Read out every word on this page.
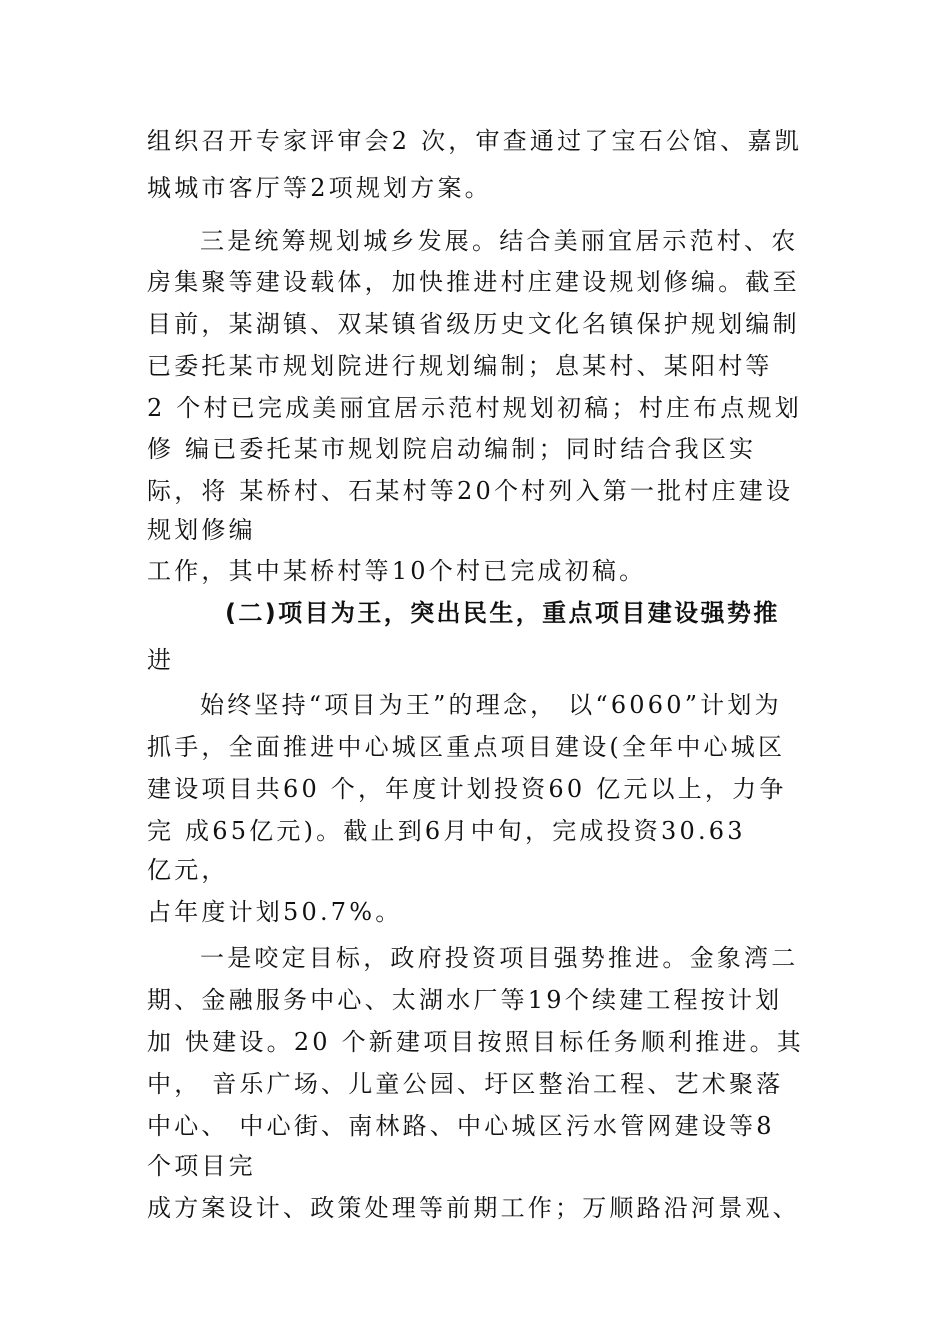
组织召开专家评审会2 次，审查通过了宝石公馆、嘉凯
城城市客厅等2项规划方案。
三是统筹规划城乡发展。结合美丽宜居示范村、农
房集聚等建设载体，加快推进村庄建设规划修编。截至
目前，某湖镇、双某镇省级历史文化名镇保护规划编制
已委托某市规划院进行规划编制；息某村、某阳村等
2 个村已完成美丽宜居示范村规划初稿；村庄布点规划
修 编已委托某市规划院启动编制；同时结合我区实
际，将 某桥村、石某村等20个村列入第一批村庄建设
规划修编
工作，其中某桥村等10个村已完成初稿。
(二)项目为王，突出民生，重点项目建设强势推
进
始终坚持“项目为王”的理念， 以“6060”计划为
抓手，全面推进中心城区重点项目建设(全年中心城区
建设项目共60 个，年度计划投资60 亿元以上，力争
完 成65亿元)。截止到6月中旬，完成投资30.63
亿元，
占年度计划50.7%。
一是咬定目标，政府投资项目强势推进。金象湾二
期、金融服务中心、太湖水厂等19个续建工程按计划
加 快建设。20 个新建项目按照目标任务顺利推进。其
中， 音乐广场、儿童公园、圩区整治工程、艺术聚落
中心、 中心街、南林路、中心城区污水管网建设等8
个项目完
成方案设计、政策处理等前期工作；万顺路沿河景观、
